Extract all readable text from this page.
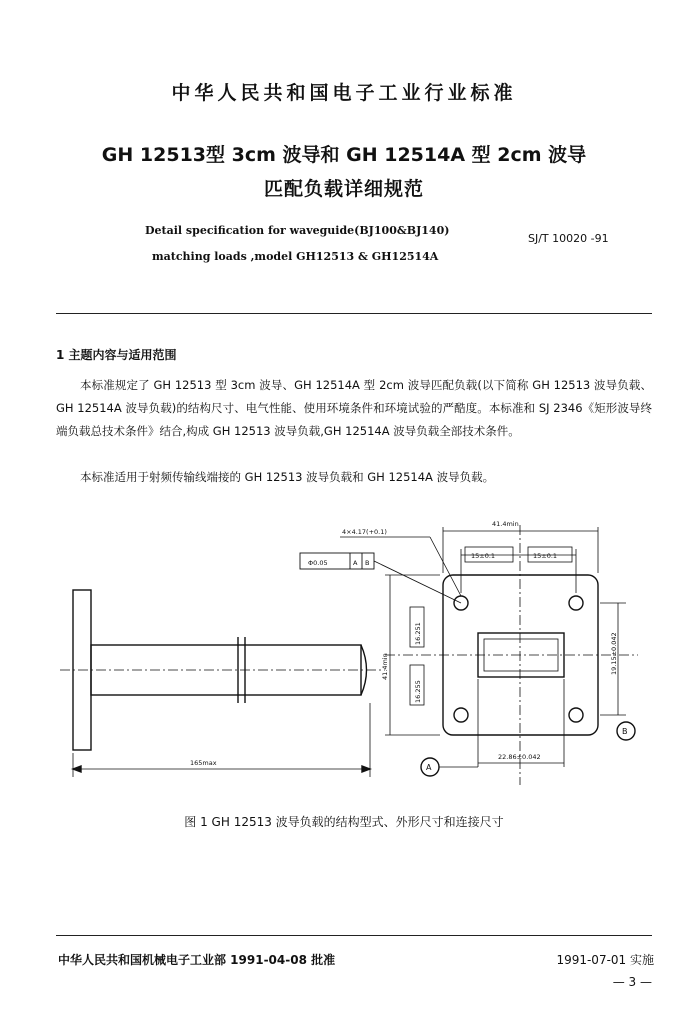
中华人民共和国电子工业行业标准
GH 12513型 3cm 波导和 GH 12514A 型 2cm 波导
匹配负载详细规范
Detail specification for waveguide(BJ100&BJ140)
matching loads ,model GH12513 & GH12514A
SJ/T 10020 -91
1 主题内容与适用范围
本标准规定了 GH 12513 型 3cm 波导、GH 12514A 型 2cm 波导匹配负载(以下简称 GH 12513 波导负载、GH 12514A 波导负载)的结构尺寸、电气性能、使用环境条件和环境试验的严酷度。本标准和 SJ 2346《矩形波导终端负载总技术条件》结合,构成 GH 12513 波导负载,GH 12514A 波导负载全部技术条件。
本标准适用于射频传输线端接的 GH 12513 波导负载和 GH 12514A 波导负载。
165max
41.4min
15±0.1	15±0.1
41.4min
16.251
16.255
19.15±0.042
22.86±0.042
4×4.17(+0.1)
Φ0.05	A B
A
B
图 1 GH 12513 波导负载的结构型式、外形尺寸和连接尺寸
中华人民共和国机械电子工业部 1991-04-08 批准	1991-07-01 实施
— 3 —
